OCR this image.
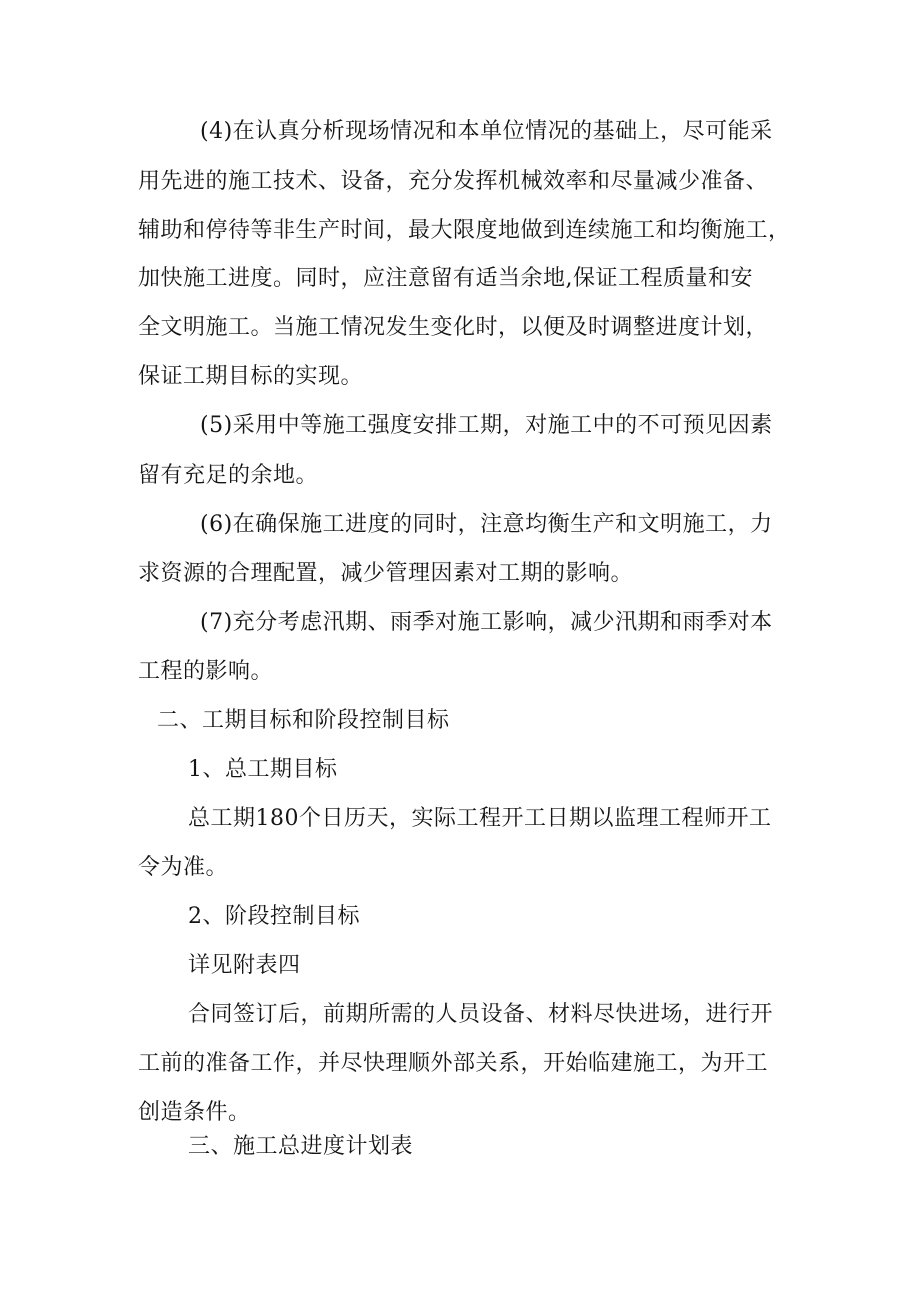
(4)在认真分析现场情况和本单位情况的基础上，尽可能采

用先进的施工技术、设备，充分发挥机械效率和尽量减少准备、

辅助和停待等非生产时间，最大限度地做到连续施工和均衡施工，

加快施工进度。同时，应注意留有适当余地,保证工程质量和安

全文明施工。当施工情况发生变化时，以便及时调整进度计划，

保证工期目标的实现。

(5)采用中等施工强度安排工期，对施工中的不可预见因素

留有充足的余地。

(6)在确保施工进度的同时，注意均衡生产和文明施工，力

求资源的合理配置，减少管理因素对工期的影响。

(7)充分考虑汛期、雨季对施工影响，减少汛期和雨季对本

工程的影响。

二、工期目标和阶段控制目标

1、总工期目标

总工期180个日历天，实际工程开工日期以监理工程师开工

令为准。

2、阶段控制目标

详见附表四

合同签订后，前期所需的人员设备、材料尽快进场，进行开

工前的准备工作，并尽快理顺外部关系，开始临建施工，为开工

创造条件。

三、施工总进度计划表
